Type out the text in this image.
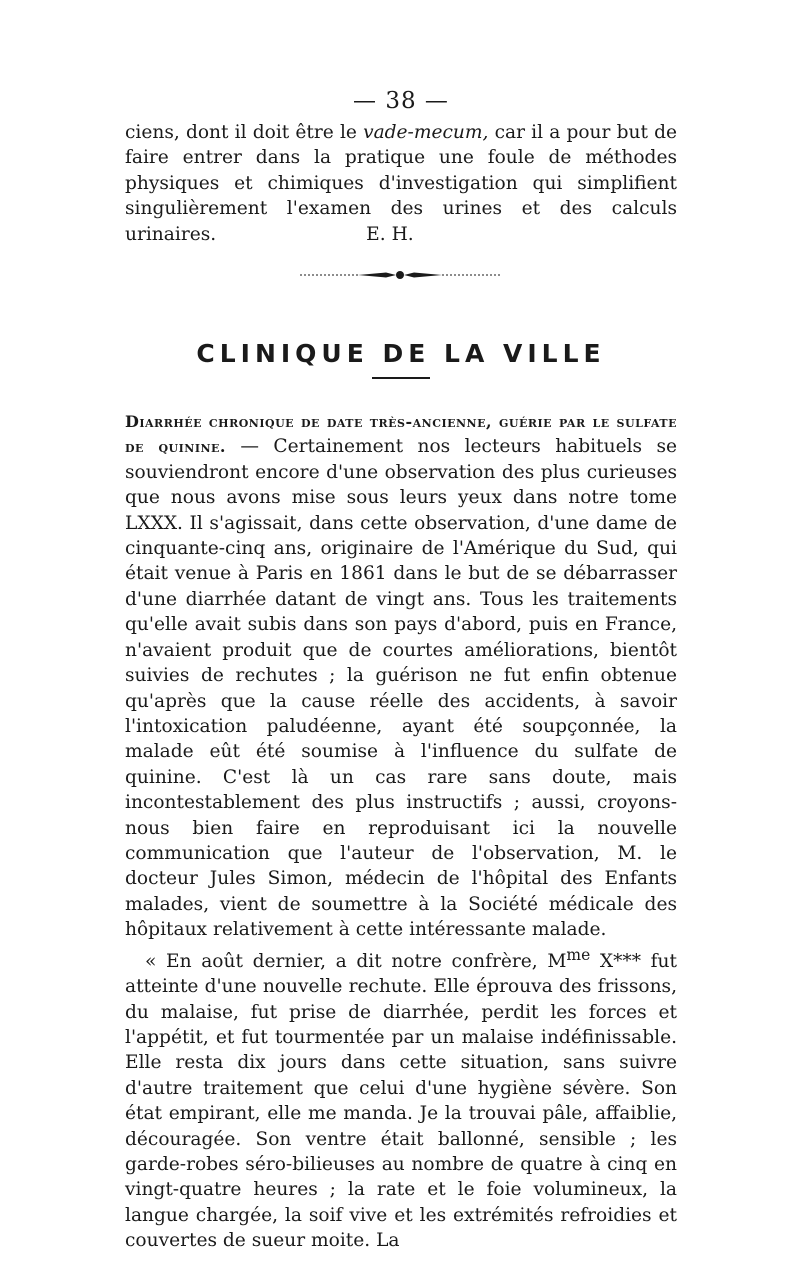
— 38 —

ciens, dont il doit être le vade-mecum, car il a pour but de faire entrer dans la pratique une foule de méthodes physiques et chimiques d'investigation qui simplifient singulièrement l'examen des urines et des calculs urinaires.	E. H.

CLINIQUE DE LA VILLE

Diarrhée chronique de date très-ancienne, guérie par le sulfate de quinine. — Certainement nos lecteurs habituels se souviendront encore d'une observation des plus curieuses que nous avons mise sous leurs yeux dans notre tome LXXX. Il s'agissait, dans cette observation, d'une dame de cinquante-cinq ans, originaire de l'Amérique du Sud, qui était venue à Paris en 1861 dans le but de se débarrasser d'une diarrhée datant de vingt ans. Tous les traitements qu'elle avait subis dans son pays d'abord, puis en France, n'avaient produit que de courtes améliorations, bientôt suivies de rechutes ; la guérison ne fut enfin obtenue qu'après que la cause réelle des accidents, à savoir l'intoxication paludéenne, ayant été soupçonnée, la malade eût été soumise à l'influence du sulfate de quinine. C'est là un cas rare sans doute, mais incontestablement des plus instructifs ; aussi, croyons-nous bien faire en reproduisant ici la nouvelle communication que l'auteur de l'observation, M. le docteur Jules Simon, médecin de l'hôpital des Enfants malades, vient de soumettre à la Société médicale des hôpitaux relativement à cette intéressante malade.

« En août dernier, a dit notre confrère, $M^{me}$ X*** fut atteinte d'une nouvelle rechute. Elle éprouva des frissons, du malaise, fut prise de diarrhée, perdit les forces et l'appétit, et fut tourmentée par un malaise indéfinissable. Elle resta dix jours dans cette situation, sans suivre d'autre traitement que celui d'une hygiène sévère. Son état empirant, elle me manda. Je la trouvai pâle, affaiblie, découragée. Son ventre était ballonné, sensible ; les garde-robes séro-bilieuses au nombre de quatre à cinq en vingt-quatre heures ; la rate et le foie volumineux, la langue chargée, la soif vive et les extrémités refroidies et couvertes de sueur moite. La
